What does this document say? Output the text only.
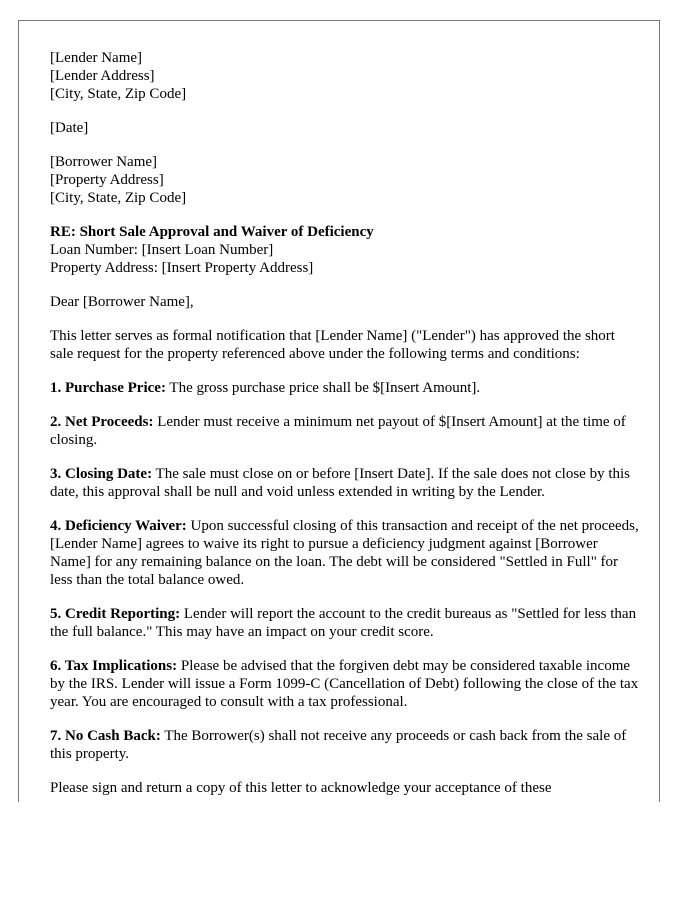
[Lender Name]
[Lender Address]
[City, State, Zip Code]
[Date]
[Borrower Name]
[Property Address]
[City, State, Zip Code]
RE: Short Sale Approval and Waiver of Deficiency
Loan Number: [Insert Loan Number]
Property Address: [Insert Property Address]

Dear [Borrower Name],

This letter serves as formal notification that [Lender Name] ("Lender") has approved the short sale request for the property referenced above under the following terms and conditions:

1. Purchase Price: The gross purchase price shall be $[Insert Amount].

2. Net Proceeds: Lender must receive a minimum net payout of $[Insert Amount] at the time of closing.

3. Closing Date: The sale must close on or before [Insert Date]. If the sale does not close by this date, this approval shall be null and void unless extended in writing by the Lender.

4. Deficiency Waiver: Upon successful closing of this transaction and receipt of the net proceeds, [Lender Name] agrees to waive its right to pursue a deficiency judgment against [Borrower Name] for any remaining balance on the loan. The debt will be considered "Settled in Full" for less than the total balance owed.

5. Credit Reporting: Lender will report the account to the credit bureaus as "Settled for less than the full balance." This may have an impact on your credit score.

6. Tax Implications: Please be advised that the forgiven debt may be considered taxable income by the IRS. Lender will issue a Form 1099-C (Cancellation of Debt) following the close of the tax year. You are encouraged to consult with a tax professional.

7. No Cash Back: The Borrower(s) shall not receive any proceeds or cash back from the sale of this property.

Please sign and return a copy of this letter to acknowledge your acceptance of these
